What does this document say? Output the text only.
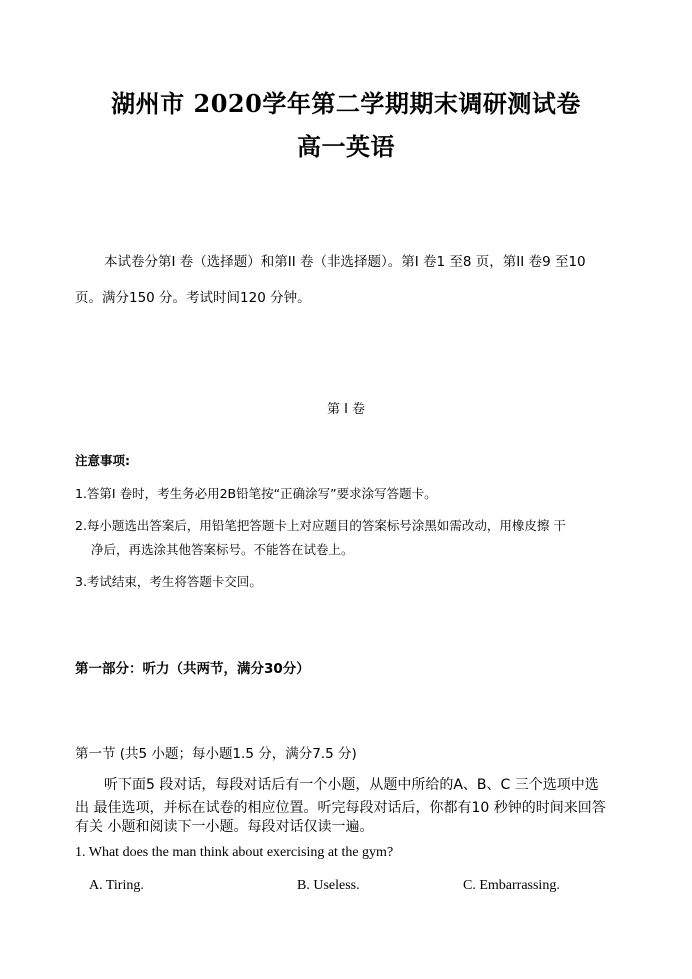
湖州市 2020学年第二学期期末调研测试卷
高一英语
本试卷分第I 卷（选择题）和第II 卷（非选择题）。第I 卷1 至8 页，第II 卷9 至10
页。满分150 分。考试时间120 分钟。
第 I 卷
注意事项:
1.答第I 卷时，考生务必用2B铅笔按“正确涂写”要求涂写答题卡。
2.每小题选出答案后，用铅笔把答题卡上对应题目的答案标号涂黑如需改动，用橡皮擦 干
净后，再选涂其他答案标号。不能答在试卷上。
3.考试结束，考生将答题卡交回。
第一部分：听力（共两节，满分30分）
第一节 (共5 小题；每小题1.5 分，满分7.5 分)
听下面5 段对话，每段对话后有一个小题，从题中所给的A、B、C 三个选项中选
出 最佳选项，并标在试卷的相应位置。听完每段对话后，你都有10 秒钟的时间来回答
有关 小题和阅读下一小题。每段对话仅读一遍。
1. What does the man think about exercising at the gym?
A. Tiring.	B. Useless.	C. Embarrassing.
